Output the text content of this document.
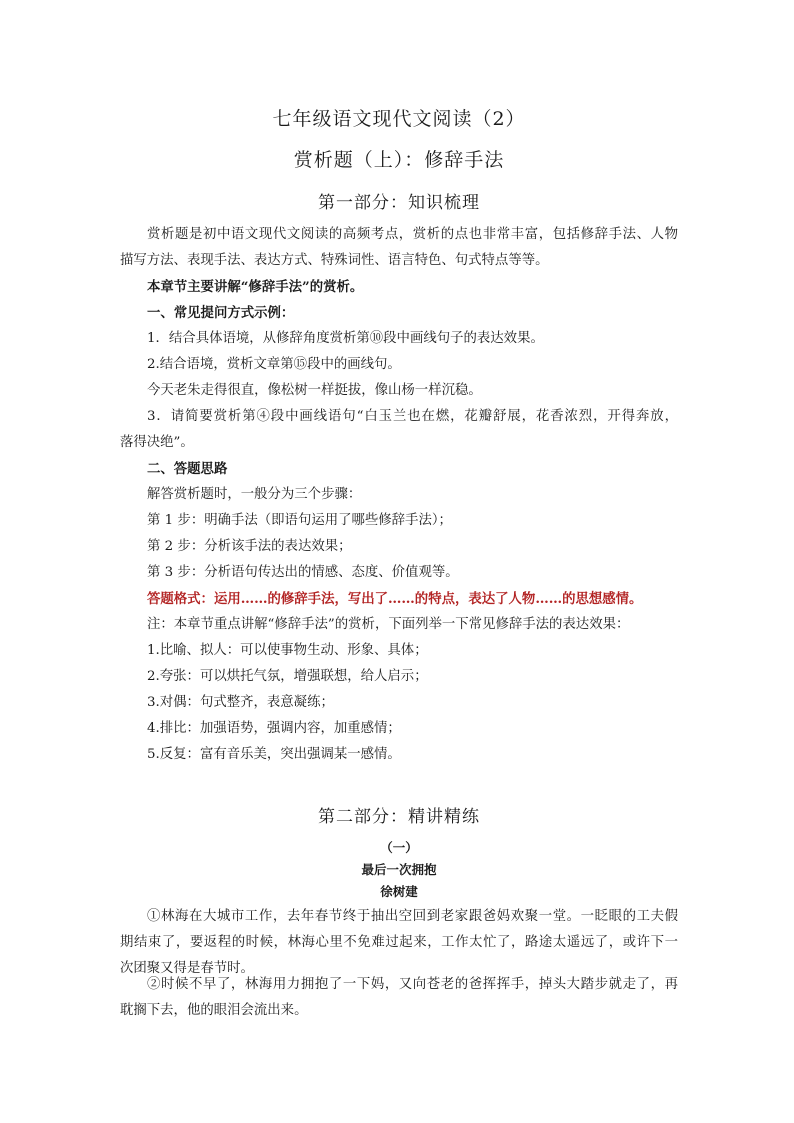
七年级语文现代文阅读（2）
赏析题（上）：修辞手法
第一部分：知识梳理
赏析题是初中语文现代文阅读的高频考点，赏析的点也非常丰富，包括修辞手法、人物
描写方法、表现手法、表达方式、特殊词性、语言特色、句式特点等等。
本章节主要讲解“修辞手法”的赏析。
一、常见提问方式示例：
1．结合具体语境，从修辞角度赏析第⑩段中画线句子的表达效果。
2.结合语境，赏析文章第⑮段中的画线句。
今天老朱走得很直，像松树一样挺拔，像山杨一样沉稳。
3．请简要赏析第④段中画线语句“白玉兰也在燃，花瓣舒展，花香浓烈，开得奔放，
落得决绝”。
二、答题思路
解答赏析题时，一般分为三个步骤：
第 1 步：明确手法（即语句运用了哪些修辞手法）；
第 2 步：分析该手法的表达效果；
第 3 步：分析语句传达出的情感、态度、价值观等。
答题格式：运用……的修辞手法，写出了……的特点，表达了人物……的思想感情。
注：本章节重点讲解“修辞手法”的赏析，下面列举一下常见修辞手法的表达效果：
1.比喻、拟人：可以使事物生动、形象、具体；
2.夸张：可以烘托气氛，增强联想，给人启示；
3.对偶：句式整齐，表意凝练；
4.排比：加强语势，强调内容，加重感情；
5.反复：富有音乐美，突出强调某一感情。
第二部分：精讲精练
（一）
最后一次拥抱
徐树建
①林海在大城市工作，去年春节终于抽出空回到老家跟爸妈欢聚一堂。一眨眼的工夫假
期结束了，要返程的时候，林海心里不免难过起来，工作太忙了，路途太遥远了，或许下一
次团聚又得是春节时。
②时候不早了，林海用力拥抱了一下妈，又向苍老的爸挥挥手，掉头大踏步就走了，再
耽搁下去，他的眼泪会流出来。
